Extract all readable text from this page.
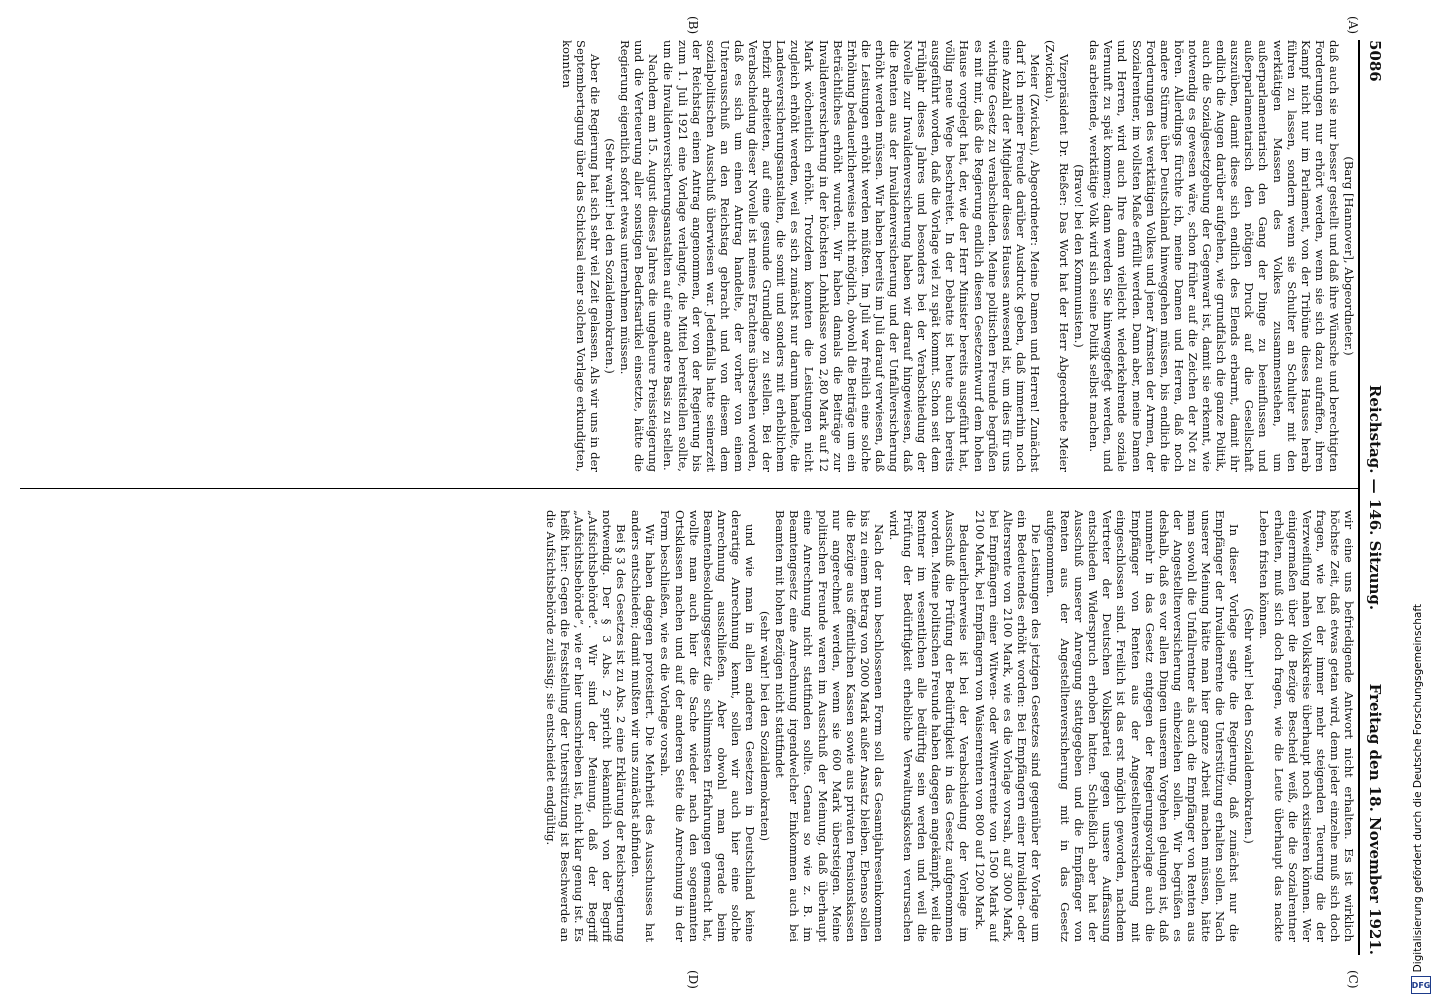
5086
Reichstag. — 146. Sitzung.
Freitag den 18. November 1921.
(A)
(B)
(C)
(D)

(Barg [Hannover], Abgeordneter.)

daß auch sie nur besser gestellt und daß ihre Wünsche und berechtigten Forderungen nur erhört werden, wenn sie sich dazu aufraffen, ihren Kampf nicht nur im Parlament, von der Tribüne dieses Hauses herab führen zu lassen, sondern wenn sie Schulter an Schulter mit den werktätigen Massen des Volkes zusammenstehen, um außerparlamentarisch den Gang der Dinge zu beeinflussen und außerparlamentarisch den nötigen Druck auf die Gesellschaft auszuüben, damit diese sich endlich des Elends erbarmt, damit ihr endlich die Augen darüber aufgehen, wie grundfalsch die ganze Politik, auch die Sozialgesetzgebung der Gegenwart ist, damit sie erkennt, wie notwendig es gewesen wäre, schon früher auf die Zeichen der Not zu hören. Allerdings fürchte ich, meine Damen und Herren, daß noch andere Stürme über Deutschland hinweggehen müssen, bis endlich die Forderungen des werktätigen Volkes und jener Ärmsten der Armen, der Sozialrentner, im vollsten Maße erfüllt werden. Dann aber, meine Damen und Herren, wird auch Ihre dann vielleicht wiederkehrende soziale Vernunft zu spät kommen; dann werden Sie hinweggefegt werden, und das arbeitende, werktätige Volk wird sich seine Politik selbst machen.

(Bravo! bei den Kommunisten.)

Vizepräsident Dr. Rießer: Das Wort hat der Herr Abgeordnete Meier (Zwickau).

Meier (Zwickau), Abgeordneter: Meine Damen und Herren! Zunächst darf ich meiner Freude darüber Ausdruck geben, daß immerhin noch eine Anzahl der Mitglieder dieses Hauses anwesend ist, um dies für uns wichtige Gesetz zu verabschieden. Meine politischen Freunde begrüßen es mit mir, daß die Regierung endlich diesen Gesetzentwurf dem hohen Hause vorgelegt hat, der, wie der Herr Minister bereits ausgeführt hat, völlig neue Wege beschreitet. In der Debatte ist heute auch bereits ausgeführt worden, daß die Vorlage viel zu spät kommt. Schon seit dem Frühjahr dieses Jahres und besonders bei der Verabschiedung der Novelle zur Invalidenversicherung haben wir darauf hingewiesen, daß die Renten aus der Invalidenversicherung und der Unfallversicherung erhöht werden müssen. Wir haben bereits im Juli darauf verwiesen, daß die Leistungen erhöht werden müßten. Im Juli war freilich eine solche Erhöhung bedauerlicherweise nicht möglich, obwohl die Beiträge um ein Beträchtliches erhöht wurden. Wir haben damals die Beiträge zur Invalidenversicherung in der höchsten Lohnklasse von 2,80 Mark auf 12 Mark wöchentlich erhöht. Trotzdem konnten die Leistungen nicht zugleich erhöht werden, weil es sich zunächst nur darum handelte, die Landesversicherungsanstalten, die somit und sonders mit erheblichem Defizit arbeiteten, auf eine gesunde Grundlage zu stellen. Bei der Verabschiedung dieser Novelle ist meines Erachtens übersehen worden, daß es sich um einen Antrag handelte, der vorher von einem Unterausschuß an den Reichstag gebracht und von diesem dem sozialpolitischen Ausschuß überwiesen war. Jedenfalls hatte seinerzeit der Reichstag einen Antrag angenommen, der von der Regierung bis zum 1. Juli 1921 eine Vorlage verlangte, die Mittel bereitstellen sollte, um die Invalidenversicherungsanstalten auf eine andere Basis zu stellen.

Nachdem am 15. August dieses Jahres die ungeheure Preissteigerung und die Verteuerung aller sonstigen Bedarfsartikel einsetzte, hätte die Regierung eigentlich sofort etwas unternehmen müssen.

(Sehr wahr! bei den Sozialdemokraten.)

Aber die Regierung hat sich sehr viel Zeit gelassen. Als wir uns in der Septembertagung über das Schicksal einer solchen Vorlage erkundigten, konnten

wir eine uns befriedigende Antwort nicht erhalten. Es ist wirklich höchste Zeit, daß etwas getan wird, denn jeder einzelne muß sich doch fragen, wie bei der immer mehr steigenden Teuerung die der Verzweiflung nahen Volkskreise überhaupt noch existieren können. Wer einigermaßen über die Bezüge Bescheid weiß, die die Sozialrentner erhalten, muß sich doch fragen, wie die Leute überhaupt das nackte Leben fristen können.

(Sehr wahr! bei den Sozialdemokraten.)

In dieser Vorlage sagte die Regierung, daß zunächst nur die Empfänger der Invalidenrente die Unterstützung erhalten sollen. Nach unserer Meinung hätte man hier ganze Arbeit machen müssen, hätte man sowohl die Unfallrentner als auch die Empfänger von Renten aus der Angestelltenversicherung einbeziehen sollen. Wir begrüßen es deshalb, daß es vor allen Dingen unserem Vorgehen gelungen ist, daß nunmehr in das Gesetz entgegen der Regierungsvorlage auch die Empfänger von Renten aus der Angestelltenversicherung mit eingeschlossen sind. Freilich ist das erst möglich geworden, nachdem Vertreter der Deutschen Volkspartei gegen unsere Auffassung entschieden Widerspruch erhoben hatten. Schließlich aber hat der Ausschuß unserer Anregung stattgegeben und die Empfänger von Renten aus der Angestelltenversicherung mit in das Gesetz aufgenommen.

Die Leistungen des jetzigen Gesetzes sind gegenüber der Vorlage um ein Bedeutendes erhöht worden: Bei Empfängern einer Invaliden- oder Altersrente von 2100 Mark, wie es die Vorlage vorsah, auf 3000 Mark, bei Empfängern einer Witwen- oder Witwerrente von 1500 Mark auf 2100 Mark, bei Empfängern von Waisenrenten von 800 auf 1200 Mark.

Bedauerlicherweise ist bei der Verabschiedung der Vorlage im Ausschuß die Prüfung der Bedürftigkeit in das Gesetz aufgenommen worden. Meine politischen Freunde haben dagegen angekämpft, weil die Rentner im wesentlichen alle bedürftig sein werden und weil die Prüfung der Bedürftigkeit erhebliche Verwaltungskosten verursachen wird.

Nach der nun beschlossenen Form soll das Gesamtjahreseinkommen bis zu einem Betrag von 2000 Mark außer Ansatz bleiben. Ebenso sollen die Bezüge aus öffentlichen Kassen sowie aus privaten Pensionskassen nur angerechnet werden, wenn sie 600 Mark übersteigen. Meine politischen Freunde waren im Ausschuß der Meinung, daß überhaupt eine Anrechnung nicht stattfinden sollte. Genau so wie z. B. im Beamtengesetz eine Anrechnung irgendwelcher Einkommen auch bei Beamten mit hohen Bezügen nicht stattfindet

(sehr wahr! bei den Sozialdemokraten)

und wie man in allen anderen Gesetzen in Deutschland keine derartige Anrechnung kennt, sollen wir auch hier eine solche Anrechnung ausschließen. Aber obwohl man gerade beim Beamtenbesoldungsgesetz die schlimmsten Erfahrungen gemacht hat, wollte man auch hier die Sache wieder nach den sogenannten Ortsklassen machen und auf der anderen Seite die Anrechnung in der Form beschließen, wie es die Vorlage vorsah.

Wir haben dagegen protestiert. Die Mehrheit des Ausschusses hat anders entschieden; damit mußten wir uns zunächst abfinden.

Bei § 3 des Gesetzes ist zu Abs. 2 eine Erklärung der Reichsregierung notwendig. Der § 3 Abs. 2 spricht bekanntlich von der Begriff „Aufsichtsbehörde“. Wir sind der Meinung, daß der Begriff „Aufsichtsbehörde“, wie er hier umschrieben ist, nicht klar genug ist. Es heißt hier: Gegen die Feststellung der Unterstützung ist Beschwerde an die Aufsichtsbehörde zulässig; sie entscheidet endgültig.	Digitalisierung gefördert durch die Deutsche Forschungsgemeinschaft
DFG
